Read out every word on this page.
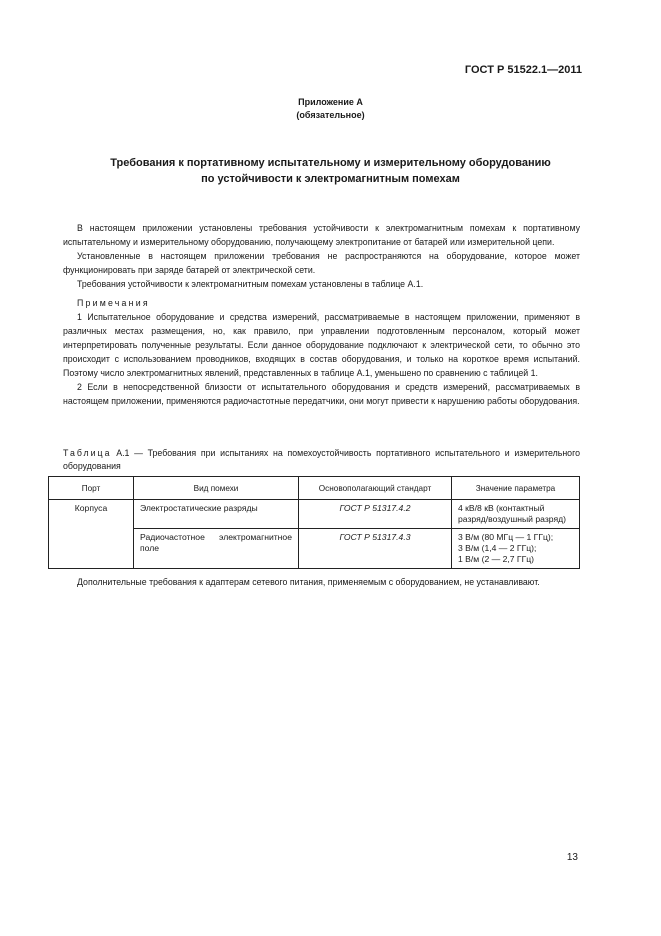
ГОСТ Р 51522.1—2011
Приложение А
(обязательное)
Требования к портативному испытательному и измерительному оборудованию
по устойчивости к электромагнитным помехам

В настоящем приложении установлены требования устойчивости к электромагнитным помехам к портативному испытательному и измерительному оборудованию, получающему электропитание от батарей или измерительной цепи.

Установленные в настоящем приложении требования не распространяются на оборудование, которое может функционировать при заряде батарей от электрической сети.

Требования устойчивости к электромагнитным помехам установлены в таблице А.1.

Примечания

1 Испытательное оборудование и средства измерений, рассматриваемые в настоящем приложении, применяют в различных местах размещения, но, как правило, при управлении подготовленным персоналом, который может интерпретировать полученные результаты. Если данное оборудование подключают к электрической сети, то обычно это происходит с использованием проводников, входящих в состав оборудования, и только на короткое время испытаний. Поэтому число электромагнитных явлений, представленных в таблице А.1, уменьшено по сравнению с таблицей 1.

2 Если в непосредственной близости от испытательного оборудования и средств измерений, рассматриваемых в настоящем приложении, применяются радиочастотные передатчики, они могут привести к нарушению работы оборудования.

Таблица А.1 — Требования при испытаниях на помехоустойчивость портативного испытательного и измерительного оборудования
Порт	Вид помехи	Основополагающий стандарт	Значение параметра
Корпуса	Электростатические разряды	ГОСТ Р 51317.4.2	4 кВ/8 кВ (контактный разряд/воздушный разряд)

	Радиочастотное электромагнитное поле	ГОСТ Р 51317.4.3	3 В/м (80 МГц — 1 ГГц);
3 В/м (1,4 — 2 ГГц);
1 В/м (2 — 2,7 ГГц)

Дополнительные требования к адаптерам сетевого питания, применяемым с оборудованием, не устанавливают.

13
